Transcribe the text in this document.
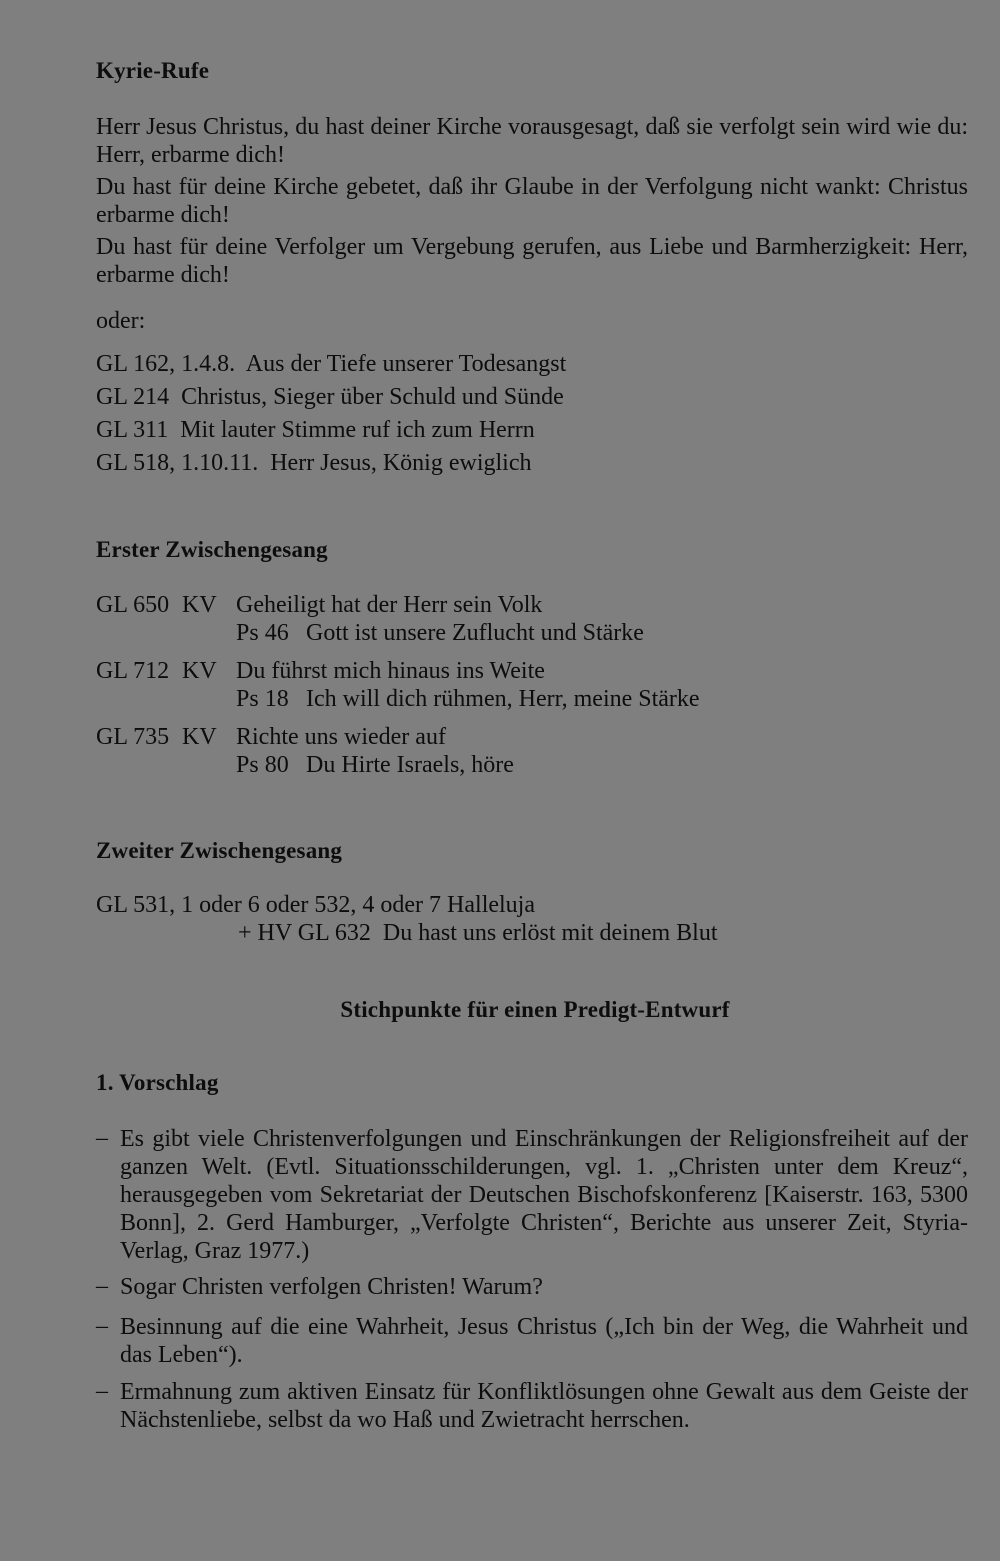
Kyrie-Rufe
Herr Jesus Christus, du hast deiner Kirche vorausgesagt, daß sie verfolgt sein wird wie du: Herr, erbarme dich!
Du hast für deine Kirche gebetet, daß ihr Glaube in der Verfolgung nicht wankt: Christus erbarme dich!
Du hast für deine Verfolger um Vergebung gerufen, aus Liebe und Barmherzigkeit: Herr, erbarme dich!
oder:
GL 162, 1.4.8.  Aus der Tiefe unserer Todesangst
GL 214  Christus, Sieger über Schuld und Sünde
GL 311  Mit lauter Stimme ruf ich zum Herrn
GL 518, 1.10.11.  Herr Jesus, König ewiglich
Erster Zwischengesang
GL 650 KV Geheiligt hat der Herr sein Volk
Ps 46 Gott ist unsere Zuflucht und Stärke
GL 712 KV Du führst mich hinaus ins Weite
Ps 18 Ich will dich rühmen, Herr, meine Stärke
GL 735 KV Richte uns wieder auf
Ps 80 Du Hirte Israels, höre
Zweiter Zwischengesang
GL 531, 1 oder 6 oder 532, 4 oder 7 Halleluja
+ HV GL 632  Du hast uns erlöst mit deinem Blut
Stichpunkte für einen Predigt-Entwurf
1. Vorschlag
– Es gibt viele Christenverfolgungen und Einschränkungen der Religionsfreiheit auf der ganzen Welt. (Evtl. Situationsschilderungen, vgl. 1. „Christen unter dem Kreuz“, herausgegeben vom Sekretariat der Deutschen Bischofskonferenz [Kaiserstr. 163, 5300 Bonn], 2. Gerd Hamburger, „Verfolgte Christen“, Berichte aus unserer Zeit, Styria-Verlag, Graz 1977.)
– Sogar Christen verfolgen Christen! Warum?
– Besinnung auf die eine Wahrheit, Jesus Christus („Ich bin der Weg, die Wahrheit und das Leben“).
– Ermahnung zum aktiven Einsatz für Konfliktlösungen ohne Gewalt aus dem Geiste der Nächstenliebe, selbst da wo Haß und Zwietracht herrschen.
